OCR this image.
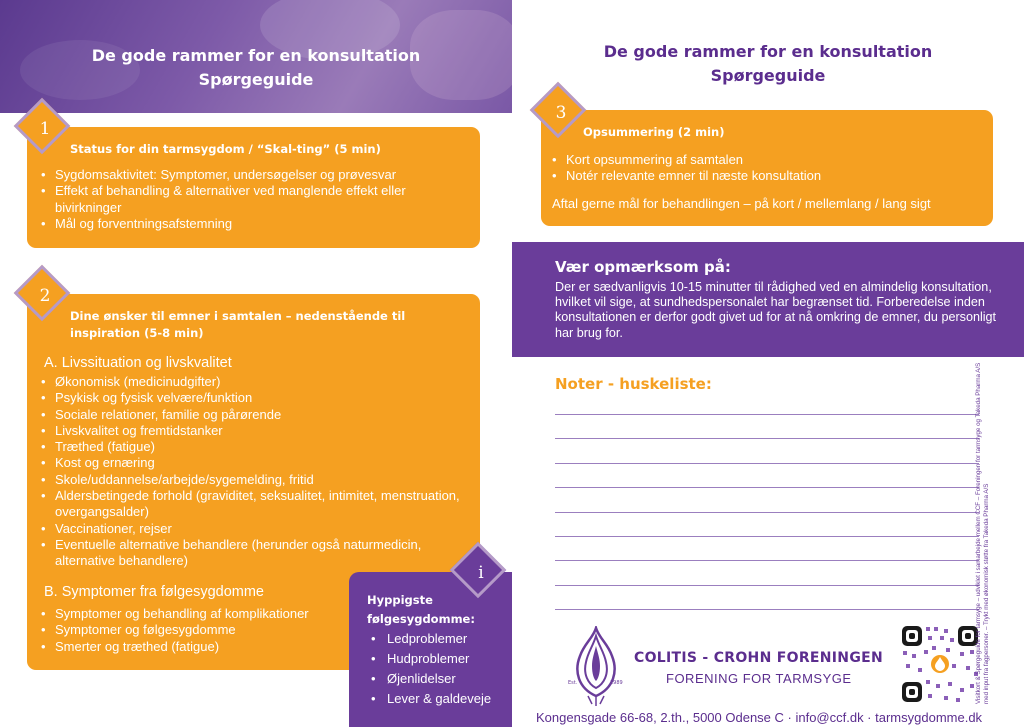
De gode rammer for en konsultation
Spørgeguide
Status for din tarmsygdom / “Skal-ting” (5 min)
• Sygdomsaktivitet: Symptomer, undersøgelser og prøvesvar
• Effekt af behandling & alternativer ved manglende effekt eller bivirkninger
• Mål og forventningsafstemning
1
Dine ønsker til emner i samtalen – nedenstående til inspiration (5-8 min)
A. Livssituation og livskvalitet
• Økonomisk (medicinudgifter)
• Psykisk og fysisk velvære/funktion
• Sociale relationer, familie og pårørende
• Livskvalitet og fremtidstanker
• Træthed (fatigue)
• Kost og ernæring
• Skole/uddannelse/arbejde/sygemelding, fritid
• Aldersbetingede forhold (graviditet, seksualitet, intimitet, menstruation, overgangsalder)
• Vaccinationer, rejser
• Eventuelle alternative behandlere (herunder også naturmedicin, alternative behandlere)
B. Symptomer fra følgesygdomme
• Symptomer og behandling af komplikationer
• Symptomer og følgesygdomme
• Smerter og træthed (fatigue)
2
Hyppigste følgesygdomme:
• Ledproblemer
• Hudproblemer
• Øjenlidelser
• Lever & galdeveje
i
De gode rammer for en konsultation
Spørgeguide
Opsummering (2 min)
• Kort opsummering af samtalen
• Notér relevante emner til næste konsultation
Aftal gerne mål for behandlingen – på kort / mellemlang / lang sigt
3
Vær opmærksom på:
Der er sædvanligvis 10-15 minutter til rådighed ved en almindelig konsultation, hvilket vil sige, at sundhedspersonalet har begrænset tid. Forberedelse inden konsultationen er derfor godt givet ud for at nå omkring de emner, du personligt har brug for.
Noter - huskeliste:
Est.	1989
COLITIS - CROHN FORENINGEN
FORENING FOR TARMSYGE
Kongensgade 66-68, 2.th., 5000 Odense C · info@ccf.dk · tarmsygdomme.dk
Visitkort & Spørgeguide for tarmsyge – udviklet i samarbejde mellem CCF – Foreningen for tarmsyge og Takeda Pharma A/S med input fra fagpersoner. – Trykt med økonomisk støtte fra Takeda Pharma A/S
